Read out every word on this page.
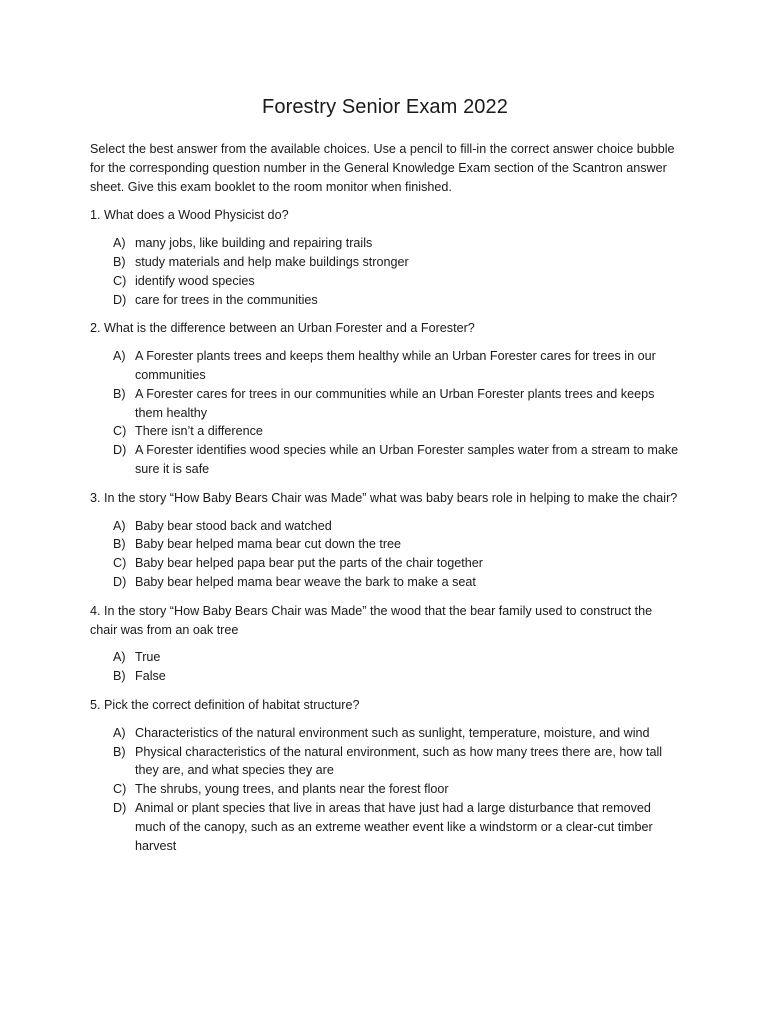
Forestry Senior Exam 2022

Select the best answer from the available choices. Use a pencil to fill-in the correct answer choice bubble for the corresponding question number in the General Knowledge Exam section of the Scantron answer sheet. Give this exam booklet to the room monitor when finished.

1. What does a Wood Physicist do?

A) many jobs, like building and repairing trails
B) study materials and help make buildings stronger
C) identify wood species
D) care for trees in the communities

2. What is the difference between an Urban Forester and a Forester?

A) A Forester plants trees and keeps them healthy while an Urban Forester cares for trees in our communities
B) A Forester cares for trees in our communities while an Urban Forester plants trees and keeps them healthy
C) There isn’t a difference
D) A Forester identifies wood species while an Urban Forester samples water from a stream to make sure it is safe

3. In the story “How Baby Bears Chair was Made” what was baby bears role in helping to make the chair?

A) Baby bear stood back and watched
B) Baby bear helped mama bear cut down the tree
C) Baby bear helped papa bear put the parts of the chair together
D) Baby bear helped mama bear weave the bark to make a seat

4. In the story “How Baby Bears Chair was Made” the wood that the bear family used to construct the chair was from an oak tree

A) True
B) False

5. Pick the correct definition of habitat structure?

A) Characteristics of the natural environment such as sunlight, temperature, moisture, and wind
B) Physical characteristics of the natural environment, such as how many trees there are, how tall they are, and what species they are
C) The shrubs, young trees, and plants near the forest floor
D) Animal or plant species that live in areas that have just had a large disturbance that removed much of the canopy, such as an extreme weather event like a windstorm or a clear-cut timber harvest
